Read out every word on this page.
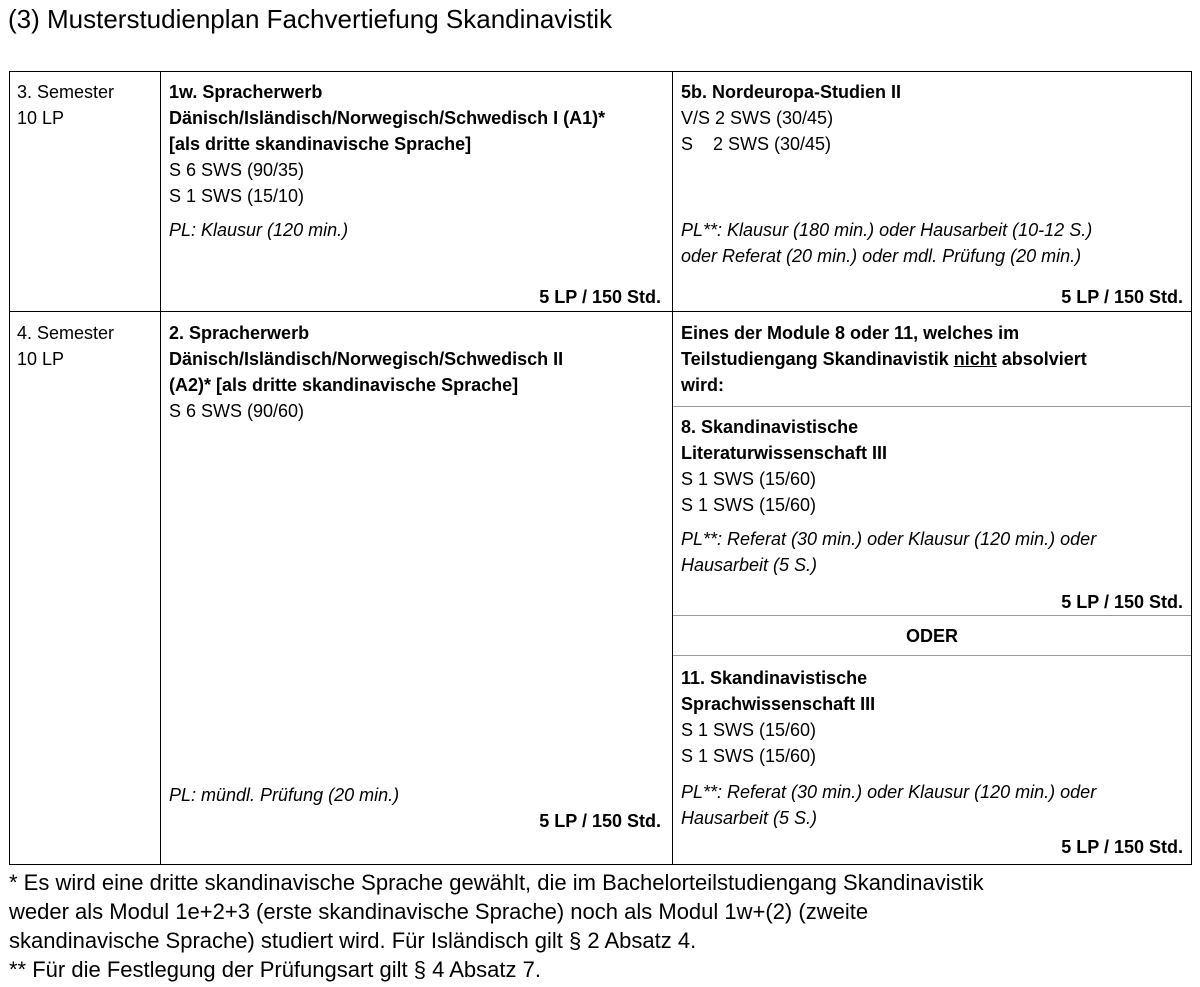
(3) Musterstudienplan Fachvertiefung Skandinavistik
3. Semester
10 LP
1w. Spracherwerb
Dänisch/Isländisch/Norwegisch/Schwedisch I (A1)*
[als dritte skandinavische Sprache]
S 6 SWS (90/35)
S 1 SWS (15/10)
PL: Klausur (120 min.)
5 LP / 150 Std.
5b. Nordeuropa-Studien II
V/S 2 SWS (30/45)
S    2 SWS (30/45)
PL**: Klausur (180 min.) oder Hausarbeit (10-12 S.)
oder Referat (20 min.) oder mdl. Prüfung (20 min.)
5 LP / 150 Std.
4. Semester
10 LP
2. Spracherwerb
Dänisch/Isländisch/Norwegisch/Schwedisch II
(A2)* [als dritte skandinavische Sprache]
S 6 SWS (90/60)
PL: mündl. Prüfung (20 min.)
5 LP / 150 Std.
Eines der Module 8 oder 11, welches im
Teilstudiengang Skandinavistik nicht absolviert
wird:
8. Skandinavistische
Literaturwissenschaft III
S 1 SWS (15/60)
S 1 SWS (15/60)
PL**: Referat (30 min.) oder Klausur (120 min.) oder
Hausarbeit (5 S.)
5 LP / 150 Std.
ODER
11. Skandinavistische
Sprachwissenschaft III
S 1 SWS (15/60)
S 1 SWS (15/60)
PL**: Referat (30 min.) oder Klausur (120 min.) oder
Hausarbeit (5 S.)
5 LP / 150 Std.
* Es wird eine dritte skandinavische Sprache gewählt, die im Bachelorteilstudiengang Skandinavistik
weder als Modul 1e+2+3 (erste skandinavische Sprache) noch als Modul 1w+(2) (zweite
skandinavische Sprache) studiert wird. Für Isländisch gilt § 2 Absatz 4.
** Für die Festlegung der Prüfungsart gilt § 4 Absatz 7.
